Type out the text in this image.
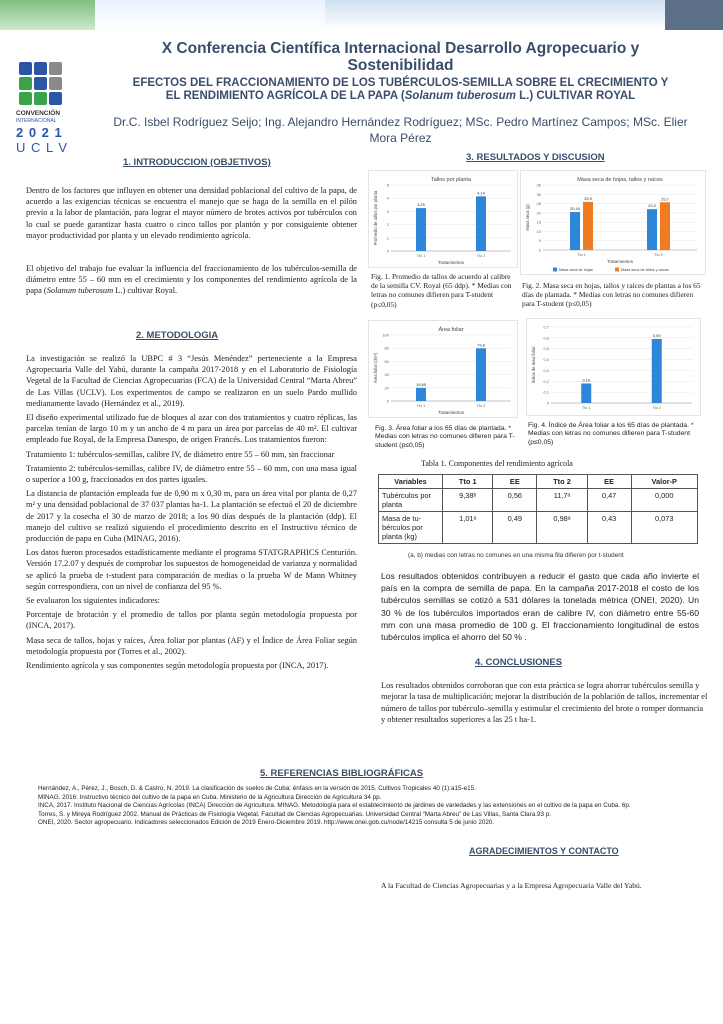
CONVENCIÓN
INTERNACIONAL
2 0 2 1
U C L V
X Conferencia Científica Internacional Desarrollo Agropecuario y Sostenibilidad
EFECTOS DEL FRACCIONAMIENTO DE LOS TUBÉRCULOS-SEMILLA SOBRE EL CRECIMIENTO Y
EL RENDIMIENTO AGRÍCOLA DE LA PAPA (Solanum tuberosum L.) CULTIVAR ROYAL
Dr.C. Isbel Rodríguez Seijo; Ing. Alejandro Hernández Rodríguez; MSc. Pedro Martínez Campos; MSc. Elier Mora Pérez
1. INTRODUCCION (OBJETIVOS)
Dentro de los factores que influyen en obtener una densidad poblacional del cultivo de la papa, de acuerdo a las exigencias técnicas se encuentra el manejo que se haga de la semilla en el pilón previo a la labor de plantación, para lograr el mayor número de brotes activos por tubérculos con lo cual se puede garantizar hasta cuatro o cinco tallos por plantón y por consiguiente obtener mayor productividad por planta y un elevado rendimiento agrícola.
El objetivo del trabajo fue evaluar la influencia del fraccionamiento de los tubérculos-semilla de diámetro entre 55 – 60 mm en el crecimiento y los componentes del rendimiento agrícola de la papa (Solanum tuberosum L.) cultivar Royal.
2. METODOLOGIA
La investigación se realizó la UBPC # 3 “Jesús Menéndez” perteneciente a la Empresa Agropecuaria Valle del Yabú, durante la campaña 2017-2018 y en el Laboratorio de Fisiología Vegetal de la Facultad de Ciencias Agropecuarias (FCA) de la Universidad Central “Marta Abreu” de Las Villas (UCLV). Los experimentos de campo se realizaron en un suelo Pardo mullido medianamente lavado (Hernández et al., 2019).
El diseño experimental utilizado fue de bloques al azar con dos tratamientos y cuatro réplicas, las parcelas tenían de largo 10 m y un ancho de 4 m para un área por parcelas de 40 m². El cultivar empleado fue Royal, de la Empresa Danespo, de origen Francés. Los tratamientos fueron:
Tratamiento 1: tubérculos-semillas, calibre IV, de diámetro entre 55 – 60 mm, sin fraccionar
Tratamiento 2: tubérculos-semillas, calibre IV, de diámetro entre 55 – 60 mm, con una masa igual o superior a 100 g, fraccionados en dos partes iguales.
La distancia de plantación empleada fue de 0,90 m x 0,30 m, para un área vital por planta de 0,27 m² y una densidad poblacional de 37 037 plantas ha-1. La plantación se efectuó el 20 de diciembre de 2017 y la cosecha el 30 de marzo de 2018; a los 90 días después de la plantación (ddp). El manejo del cultivo se realizó siguiendo el procedimiento descrito en el Instructivo técnico de producción de papa en Cuba (MINAG, 2016).
Los datos fueron procesados estadísticamente mediante el programa STATGRAPHICS Centurión. Versión 17.2.07 y después de comprobar los supuestos de homogeneidad de varianza y normalidad se aplicó la prueba de t-student para comparación de medias o la prueba W de Mann Whitney según correspondiera, con un nivel de confianza del 95 %.
Se evaluaron los siguientes indicadores:
Porcentaje de brotación y el promedio de tallos por planta según metodología propuesta por (INCA, 2017).
Masa seca de tallos, hojas y raíces, Área foliar por plantas (AF) y el Índice de Área Foliar según metodología propuesta por (Torres et al., 2002).
Rendimiento agrícola y sus componentes según metodología propuesta por (INCA, 2017).
3. RESULTADOS Y DISCUSION
Tallos por planta
0
1
2
3
4
5
3,25
Tto 1
4,14
Tto 2
Tratamientos
Promedio de tallos por planta
Masa seca de hojas, tallos y raíces
0
5
10
15
20
25
30
35
20,44
25,9
Tto 1
22,0
25,7
Tto 2
Tratamientos
Masa seca (g)
Masa seca de hojas	Masa seca de tallos y raíces
Fig. 1. Promedio de tallos de acuerdo al calibre de la semilla CV. Royal (65 ddp). * Medias con letras no comunes difieren para T-student (p≤0,05)
Fig. 2. Masa seca en hojas, tallos y raíces de plantas a los 65 días de plantada. * Medias con letras no comunes difieren para T-student (p≤0,05)
Área foliar
0
20
40
60
80
100
19,85
Tto 1
79,8
Tto 2
Tratamientos
Área foliar (dm²)
0
0,1
0,2
0,3
0,4
0,5
0,6
0,7
0,18
Tto 1
0,59
Tto 2
Índice de área foliar
Fig. 3. Área foliar a los 65 días de plantada. * Medias con letras no comunes difieren para T-student (p≤0,05)
Fig. 4. Índice de Área foliar a los 65 días de plantada. * Medias con letras no comunes difieren para T-student (p≤0,05)
Tabla 1. Componentes del rendimiento agrícola
Variables	Tto 1	EE	Tto 2	EE	Valor-P
Tubérculos por planta	9,38ᵇ	0,56	11,7ᵃ	0,47	0,000
Masa de tu-bérculos por planta (kg)	1,01ᵃ	0,49	0,98ᵃ	0,43	0,073
(a, b) medias con letras no comunes en una misma fila difieren por t-student
Los resultados obtenidos contribuyen a reducir el gasto que cada año invierte el país en la compra de semilla de papa. En la campaña 2017-2018 el costo de los tubérculos semillas se cotizó a 531 dólares la tonelada métrica (ONEI, 2020). Un 30 % de los tubérculos importados eran de calibre IV, con diámetro entre 55-60 mm con una masa promedio de 100 g. El fraccionamiento longitudinal de estos tubérculos implica el ahorro del 50 % .
4. CONCLUSIONES
Los resultados obtenidos corroboran que con esta práctica se logra ahorrar tubérculos semilla y mejorar la tasa de multiplicación; mejorar la distribución de la población de tallos, incrementar el número de tallos por tubérculo–semilla y estimular el crecimiento del brote o romper dormancia y obtener resultados superiores a las 25 t ha-1.
5. REFERENCIAS BIBLIOGRÁFICAS
Hernández, A., Pérez, J., Bosch, D. & Castro, N. 2019. La clasificación de suelos de Cuba: énfasis en la versión de 2015. Cultivos Tropicales 40 (1):a15-e15.
MINAG. 2016: Instructivo técnico del cultivo de la papa en Cuba. Ministerio de la Agricultura Dirección de Agricultura 34 pp.
INCA, 2017. Instituto Nacional de Ciencias Agrícolas (INCA) Dirección de Agricultura. MINAG. Metodología para el establecimiento de jardines de variedades y las extensiones en el cultivo de la papa en Cuba. 6p.
Torres, S. y Mireya Rodríguez 2002. Manual de Prácticas de Fisiología Vegetal. Facultad de Ciencias Agropecuarias. Universidad Central “Marta Abreu” de Las Villas, Santa Clara.93 p.
ONEI, 2020. Sector agropecuario. Indicadores seleccionados Edición de 2019 Enero-Diciembre 2019. http://www.onei.gob.cu/node/14215 consulta 5 de junio 2020.
AGRADECIMIENTOS Y CONTACTO
A la Facultad de Ciencias Agropecuarias y a la Empresa Agropecuaria Valle del Yabú.
